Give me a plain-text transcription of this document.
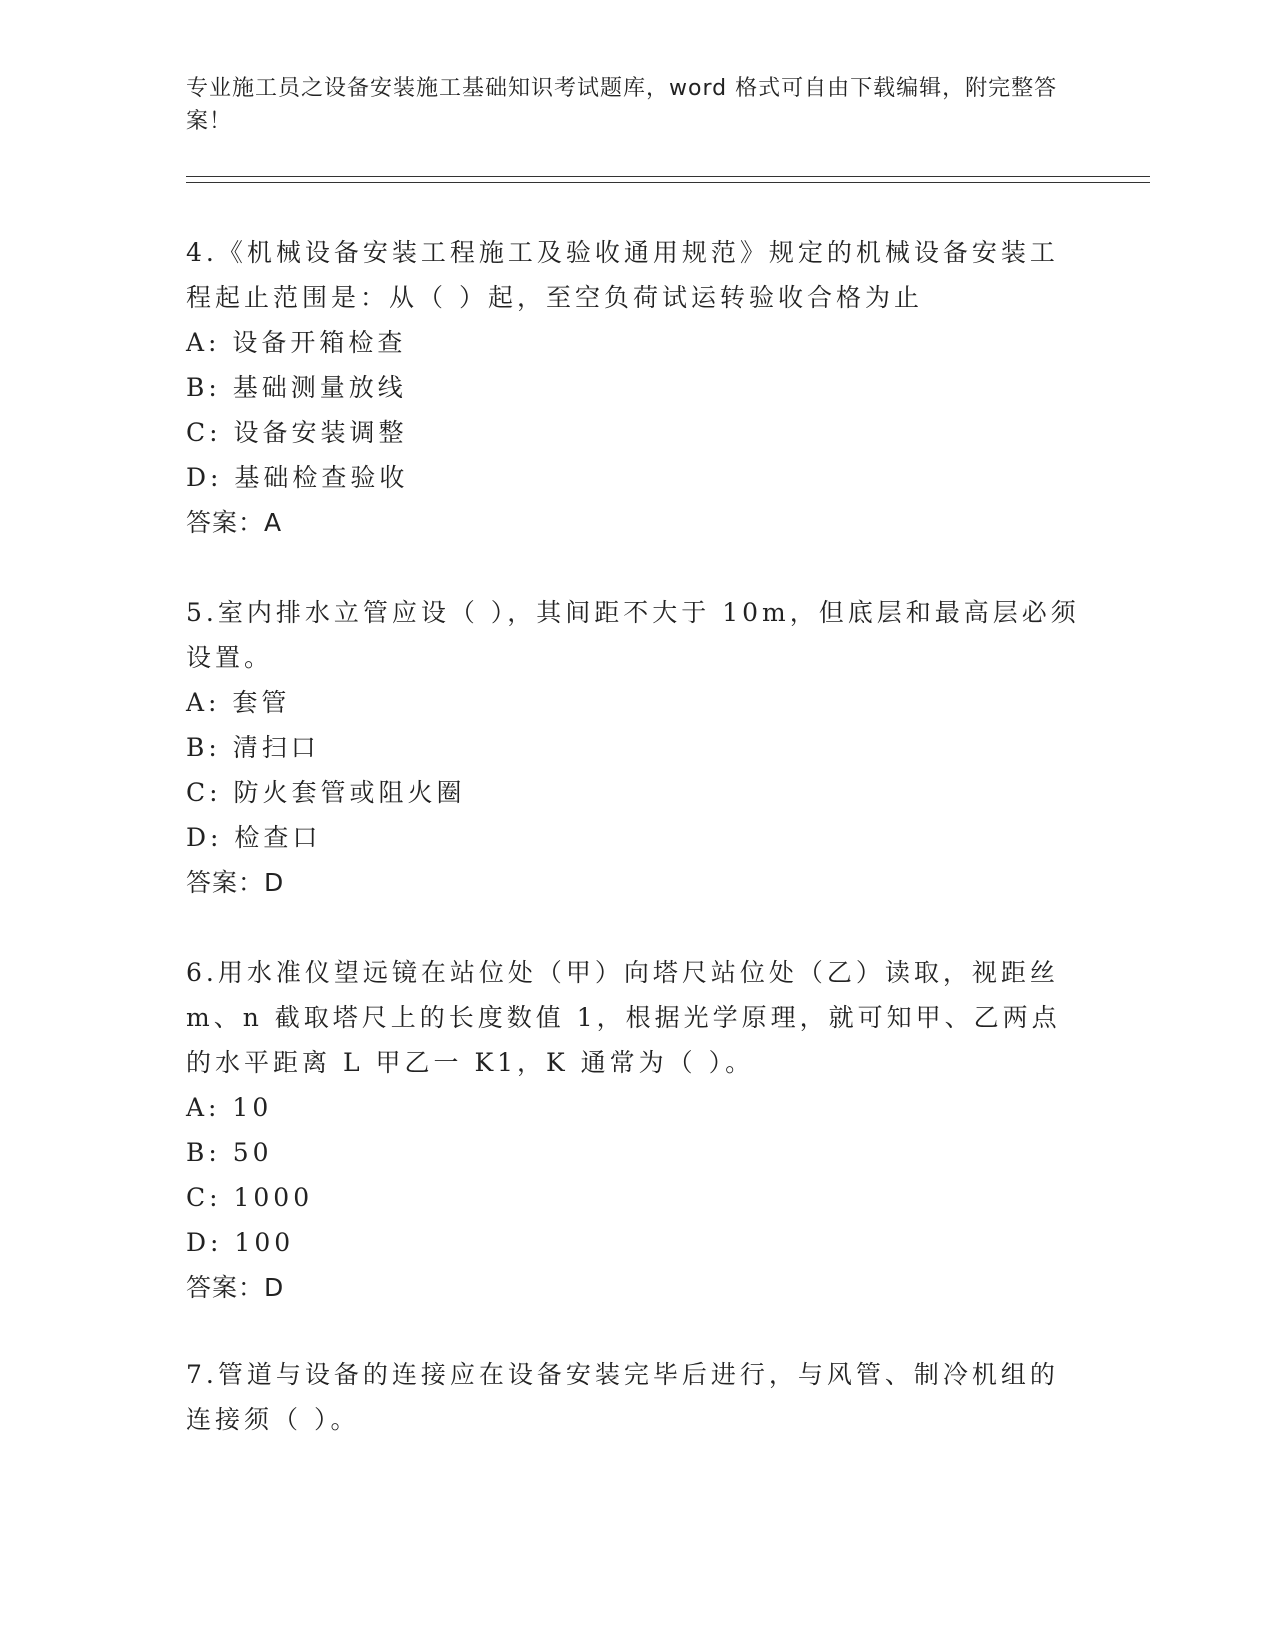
专业施工员之设备安装施工基础知识考试题库，word 格式可自由下载编辑，附完整答案！

4.《机械设备安装工程施工及验收通用规范》规定的机械设备安装工程起止范围是：从（ ）起，至空负荷试运转验收合格为止

A: 设备开箱检查

B: 基础测量放线

C: 设备安装调整

D: 基础检查验收

答案：A

5.室内排水立管应设（ ），其间距不大于 10m，但底层和最高层必须设置。

A: 套管

B: 清扫口

C: 防火套管或阻火圈

D: 检查口

答案：D

6.用水准仪望远镜在站位处（甲）向塔尺站位处（乙）读取，视距丝 m、n 截取塔尺上的长度数值 1，根据光学原理，就可知甲、乙两点的水平距离 L 甲乙一 K1，K 通常为（ ）。

A: 10

B: 50

C: 1000

D: 100

答案：D

7.管道与设备的连接应在设备安装完毕后进行，与风管、制冷机组的连接须（ ）。
